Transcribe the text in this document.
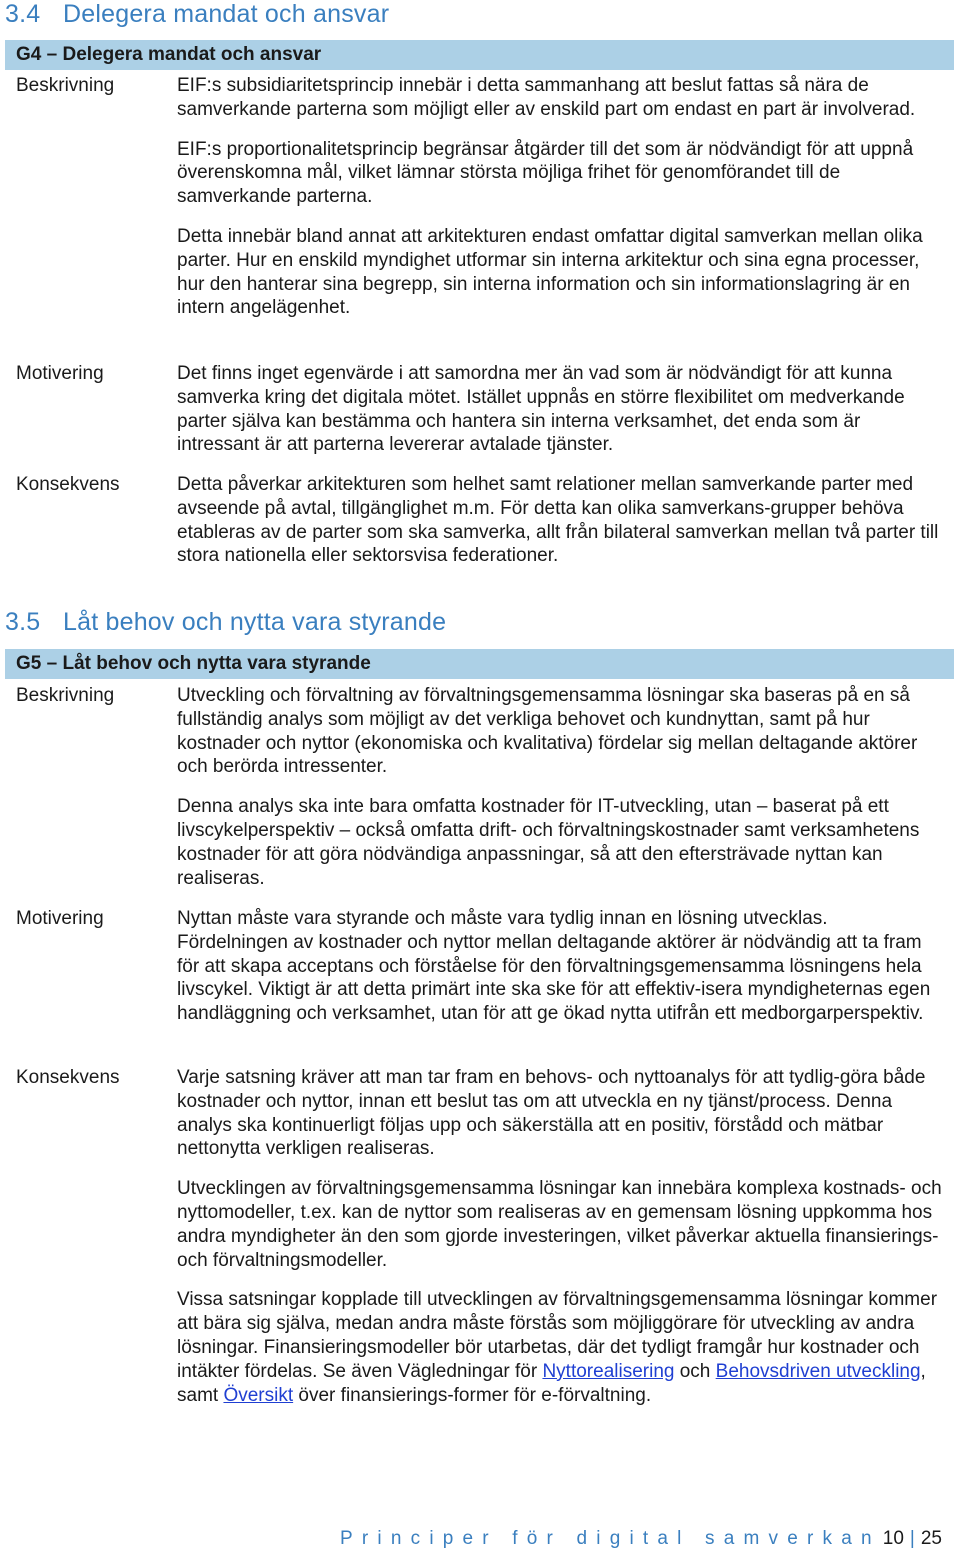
3.4 Delegera mandat och ansvar
G4 – Delegera mandat och ansvar
Beskrivning	EIF:s subsidiaritetsprincip innebär i detta sammanhang att beslut fattas så nära de samverkande parterna som möjligt eller av enskild part om endast en part är involverad.

EIF:s proportionalitetsprincip begränsar åtgärder till det som är nödvändigt för att uppnå överenskomna mål, vilket lämnar största möjliga frihet för genomförandet till de samverkande parterna.

Detta innebär bland annat att arkitekturen endast omfattar digital samverkan mellan olika parter. Hur en enskild myndighet utformar sin interna arkitektur och sina egna processer, hur den hanterar sina begrepp, sin interna information och sin informationslagring är en intern angelägenhet.

Motivering	Det finns inget egenvärde i att samordna mer än vad som är nödvändigt för att kunna samverka kring det digitala mötet. Istället uppnås en större flexibilitet om medverkande parter själva kan bestämma och hantera sin interna verksamhet, det enda som är intressant är att parterna levererar avtalade tjänster.

Konsekvens	Detta påverkar arkitekturen som helhet samt relationer mellan samverkande parter med avseende på avtal, tillgänglighet m.m. För detta kan olika samverkans-grupper behöva etableras av de parter som ska samverka, allt från bilateral samverkan mellan två parter till stora nationella eller sektorsvisa federationer.

3.5 Låt behov och nytta vara styrande
G5 – Låt behov och nytta vara styrande
Beskrivning	Utveckling och förvaltning av förvaltningsgemensamma lösningar ska baseras på en så fullständig analys som möjligt av det verkliga behovet och kundnyttan, samt på hur kostnader och nyttor (ekonomiska och kvalitativa) fördelar sig mellan deltagande aktörer och berörda intressenter.

Denna analys ska inte bara omfatta kostnader för IT-utveckling, utan – baserat på ett livscykelperspektiv – också omfatta drift- och förvaltningskostnader samt verksamhetens kostnader för att göra nödvändiga anpassningar, så att den eftersträvade nyttan kan realiseras.

Motivering	Nyttan måste vara styrande och måste vara tydlig innan en lösning utvecklas. Fördelningen av kostnader och nyttor mellan deltagande aktörer är nödvändig att ta fram för att skapa acceptans och förståelse för den förvaltningsgemensamma lösningens hela livscykel. Viktigt är att detta primärt inte ska ske för att effektiv-isera myndigheternas egen handläggning och verksamhet, utan för att ge ökad nytta utifrån ett medborgarperspektiv.

Konsekvens	Varje satsning kräver att man tar fram en behovs- och nyttoanalys för att tydlig-göra både kostnader och nyttor, innan ett beslut tas om att utveckla en ny tjänst/process. Denna analys ska kontinuerligt följas upp och säkerställa att en positiv, förstådd och mätbar nettonytta verkligen realiseras.

Utvecklingen av förvaltningsgemensamma lösningar kan innebära komplexa kostnads- och nyttomodeller, t.ex. kan de nyttor som realiseras av en gemensam lösning uppkomma hos andra myndigheter än den som gjorde investeringen, vilket påverkar aktuella finansierings- och förvaltningsmodeller.

Vissa satsningar kopplade till utvecklingen av förvaltningsgemensamma lösningar kommer att bära sig själva, medan andra måste förstås som möjliggörare för utveckling av andra lösningar. Finansieringsmodeller bör utarbetas, där det tydligt framgår hur kostnader och intäkter fördelas. Se även Vägledningar för Nyttorealisering och Behovsdriven utveckling, samt Översikt över finansierings-former för e-förvaltning.

Principer för digital samverkan 10 | 25
